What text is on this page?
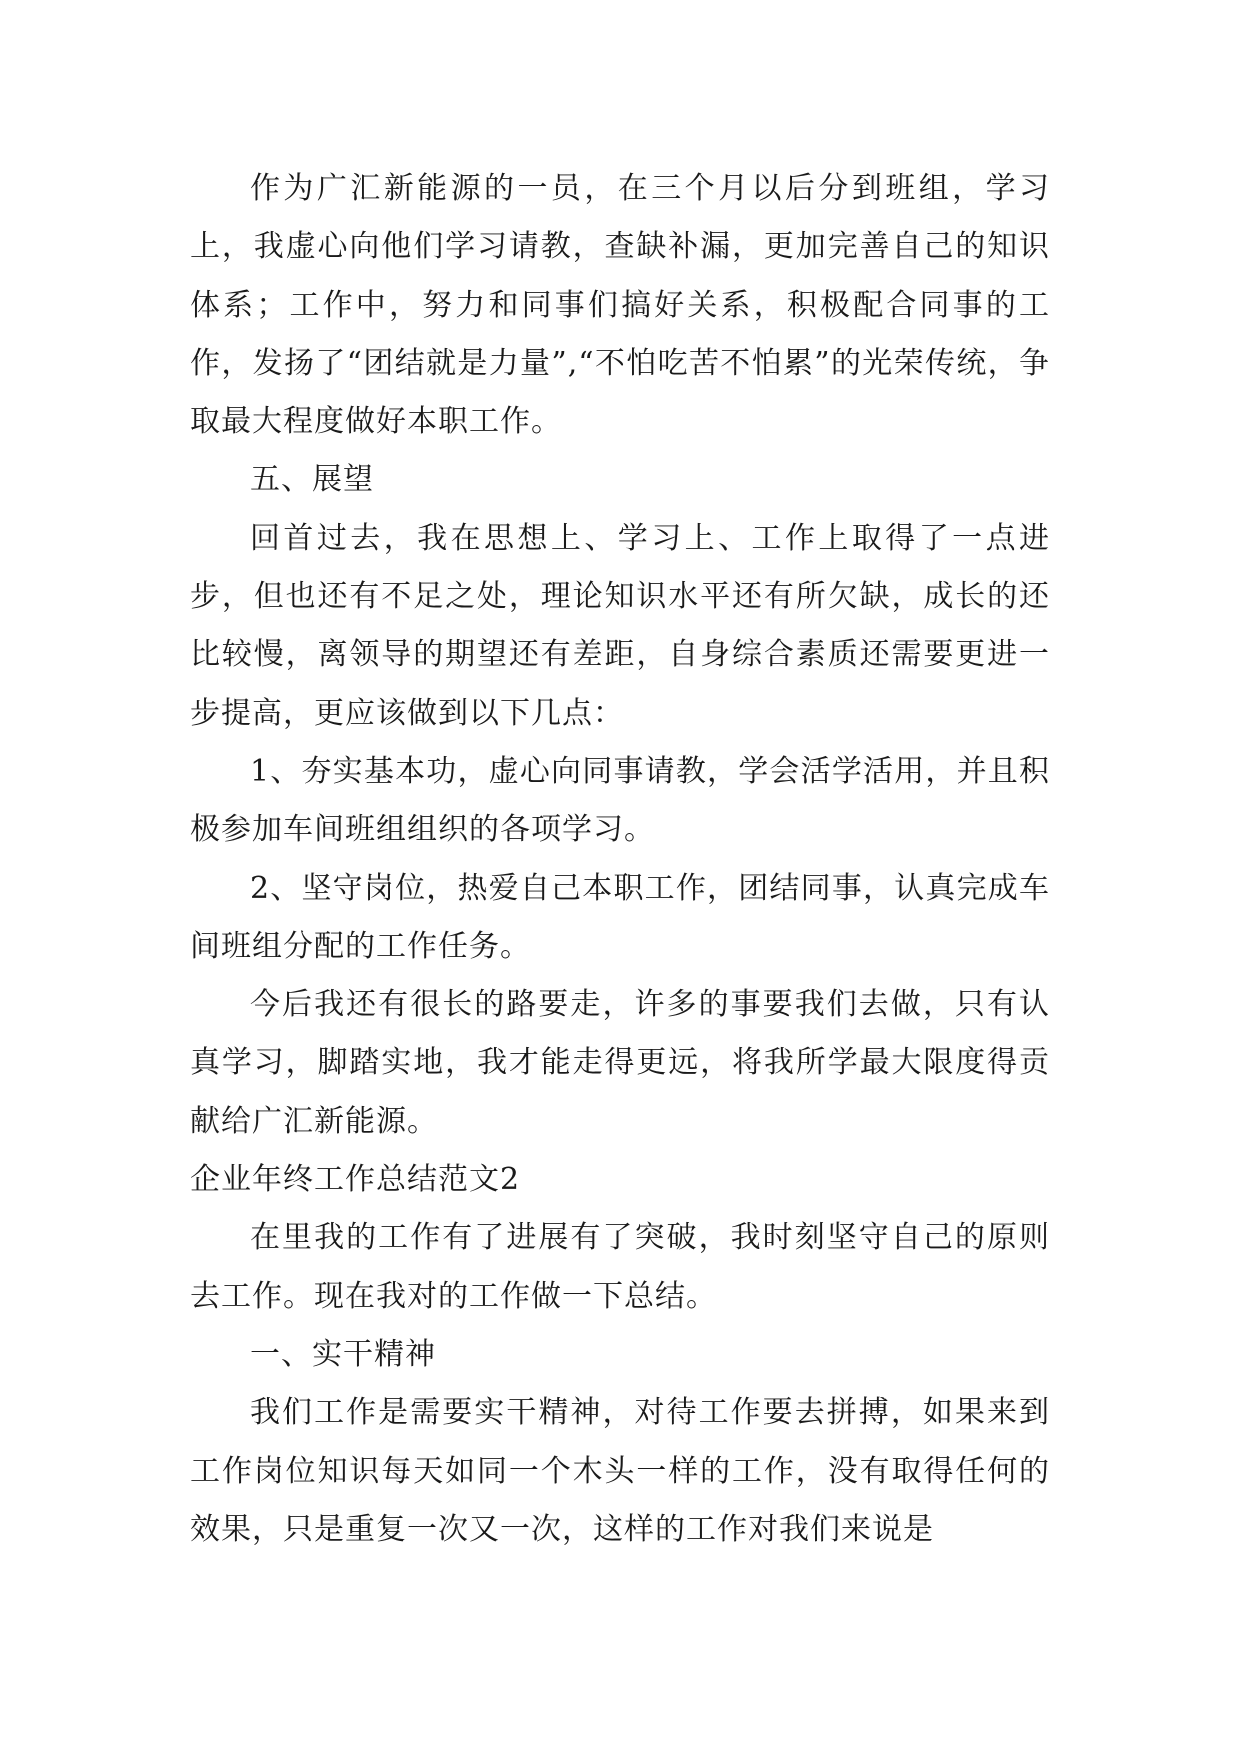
作为广汇新能源的一员，在三个月以后分到班组，学习上，我虚心向他们学习请教，查缺补漏，更加完善自己的知识体系；工作中，努力和同事们搞好关系，积极配合同事的工作，发扬了“团结就是力量”,“不怕吃苦不怕累”的光荣传统，争取最大程度做好本职工作。

五、展望

回首过去，我在思想上、学习上、工作上取得了一点进步，但也还有不足之处，理论知识水平还有所欠缺，成长的还比较慢，离领导的期望还有差距，自身综合素质还需要更进一步提高，更应该做到以下几点：

1、夯实基本功，虚心向同事请教，学会活学活用，并且积极参加车间班组组织的各项学习。

2、坚守岗位，热爱自己本职工作，团结同事，认真完成车间班组分配的工作任务。

今后我还有很长的路要走，许多的事要我们去做，只有认真学习，脚踏实地，我才能走得更远，将我所学最大限度得贡献给广汇新能源。

企业年终工作总结范文2

在里我的工作有了进展有了突破，我时刻坚守自己的原则去工作。现在我对的工作做一下总结。

一、实干精神

我们工作是需要实干精神，对待工作要去拼搏，如果来到工作岗位知识每天如同一个木头一样的工作，没有取得任何的效果，只是重复一次又一次，这样的工作对我们来说是
